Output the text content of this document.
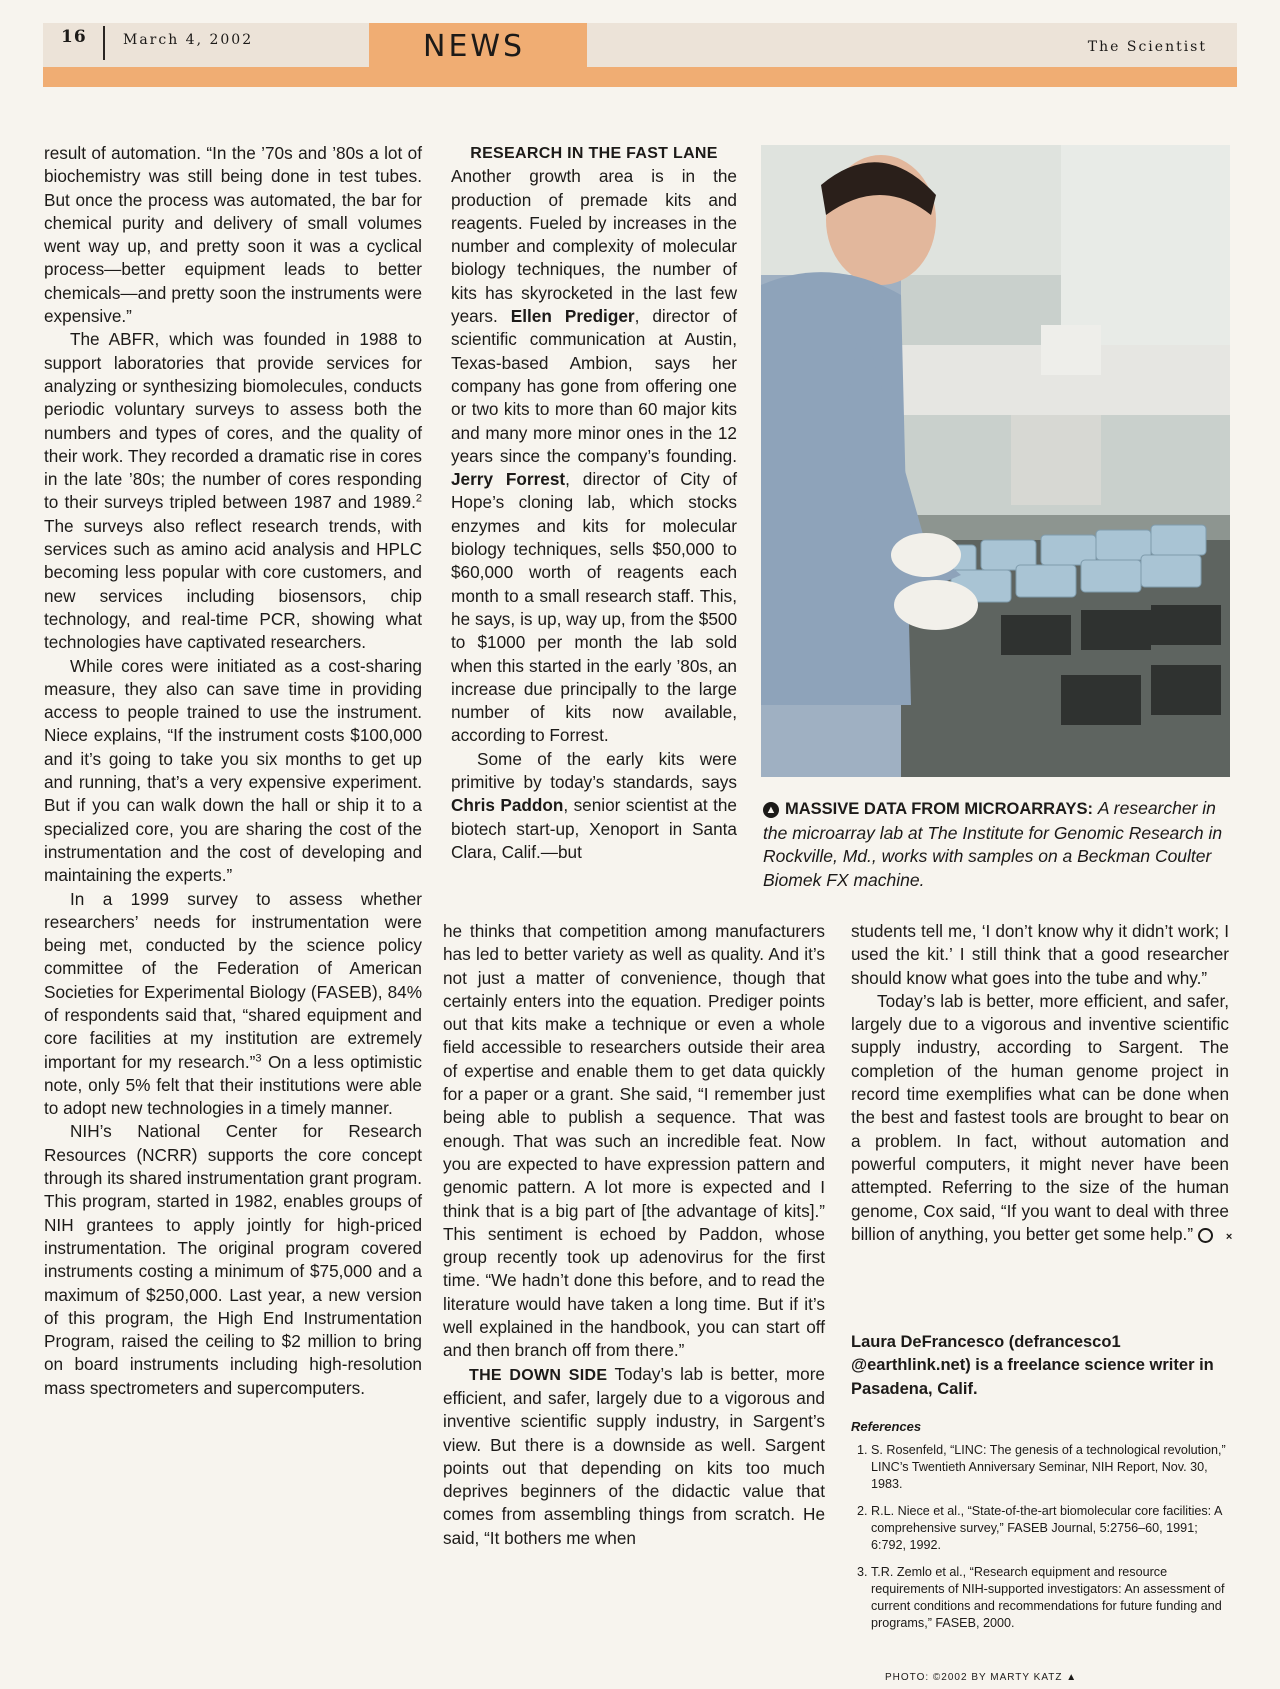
16	March 4, 2002	NEWS	The Scientist

result of automation. “In the ’70s and ’80s a lot of biochemistry was still being done in test tubes. But once the process was automated, the bar for chemical purity and delivery of small volumes went way up, and pretty soon it was a cyclical process—better equipment leads to better chemicals—and pretty soon the instruments were expensive.”

The ABFR, which was founded in 1988 to support laboratories that provide services for analyzing or synthesizing biomolecules, conducts periodic voluntary surveys to assess both the numbers and types of cores, and the quality of their work. They recorded a dramatic rise in cores in the late ’80s; the number of cores responding to their surveys tripled between 1987 and 1989.$^2$ The surveys also reflect research trends, with services such as amino acid analysis and HPLC becoming less popular with core customers, and new services including biosensors, chip technology, and real-time PCR, showing what technologies have captivated researchers.

While cores were initiated as a cost-sharing measure, they also can save time in providing access to people trained to use the instrument. Niece explains, “If the instrument costs $100,000 and it’s going to take you six months to get up and running, that’s a very expensive experiment. But if you can walk down the hall or ship it to a specialized core, you are sharing the cost of the instrumentation and the cost of developing and maintaining the experts.”

In a 1999 survey to assess whether researchers’ needs for instrumentation were being met, conducted by the science policy committee of the Federation of American Societies for Experimental Biology (FASEB), 84% of respondents said that, “shared equipment and core facilities at my institution are extremely important for my research.”$^3$ On a less optimistic note, only 5% felt that their institutions were able to adopt new technologies in a timely manner.

NIH’s National Center for Research Resources (NCRR) supports the core concept through its shared instrumentation grant program. This program, started in 1982, enables groups of NIH grantees to apply jointly for high-priced instrumentation. The original program covered instruments costing a minimum of $75,000 and a maximum of $250,000. Last year, a new version of this program, the High End Instrumentation Program, raised the ceiling to $2 million to bring on board instruments including high-resolution mass spectrometers and supercomputers.

RESEARCH IN THE FAST LANE

Another growth area is in the production of premade kits and reagents. Fueled by increases in the number and complexity of molecular biology techniques, the number of kits has skyrocketed in the last few years. Ellen Prediger, director of scientific communication at Austin, Texas-based Ambion, says her company has gone from offering one or two kits to more than 60 major kits and many more minor ones in the 12 years since the company’s founding. Jerry Forrest, director of City of Hope’s cloning lab, which stocks enzymes and kits for molecular biology techniques, sells $50,000 to $60,000 worth of reagents each month to a small research staff. This, he says, is up, way up, from the $500 to $1000 per month the lab sold when this started in the early ’80s, an increase due principally to the large number of kits now available, according to Forrest.

Some of the early kits were primitive by today’s standards, says Chris Paddon, senior scientist at the biotech start-up, Xenoport in Santa Clara, Calif.—but

▲ MASSIVE DATA FROM MICROARRAYS: A researcher in the microarray lab at The Institute for Genomic Research in Rockville, Md., works with samples on a Beckman Coulter Biomek FX machine.

he thinks that competition among manufacturers has led to better variety as well as quality. And it’s not just a matter of convenience, though that certainly enters into the equation. Prediger points out that kits make a technique or even a whole field accessible to researchers outside their area of expertise and enable them to get data quickly for a paper or a grant. She said, “I remember just being able to publish a sequence. That was enough. That was such an incredible feat. Now you are expected to have expression pattern and genomic pattern. A lot more is expected and I think that is a big part of [the advantage of kits].” This sentiment is echoed by Paddon, whose group recently took up adenovirus for the first time. “We hadn’t done this before, and to read the literature would have taken a long time. But if it’s well explained in the handbook, you can start off and then branch off from there.”

THE DOWN SIDE Today’s lab is better, more efficient, and safer, largely due to a vigorous and inventive scientific supply industry, in Sargent’s view. But there is a downside as well. Sargent points out that depending on kits too much deprives beginners of the didactic value that comes from assembling things from scratch. He said, “It bothers me when

students tell me, ‘I don’t know why it didn’t work; I used the kit.’ I still think that a good researcher should know what goes into the tube and why.”

Today’s lab is better, more efficient, and safer, largely due to a vigorous and inventive scientific supply industry, according to Sargent. The completion of the human genome project in record time exemplifies what can be done when the best and fastest tools are brought to bear on a problem. In fact, without automation and powerful computers, it might never have been attempted. Referring to the size of the human genome, Cox said, “If you want to deal with three billion of anything, you better get some help.”	×

Laura DeFrancesco (defrancesco1 @earthlink.net) is a freelance science writer in Pasadena, Calif.
References
1. S. Rosenfeld, “LINC: The genesis of a technological revolution,” LINC’s Twentieth Anniversary Seminar, NIH Report, Nov. 30, 1983.
2. R.L. Niece et al., “State-of-the-art biomolecular core facilities: A comprehensive survey,” FASEB Journal, 5:2756–60, 1991; 6:792, 1992.
3. T.R. Zemlo et al., “Research equipment and resource requirements of NIH-supported investigators: An assessment of current conditions and recommendations for future funding and programs,” FASEB, 2000.
PHOTO: ©2002 BY MARTY KATZ ▲
